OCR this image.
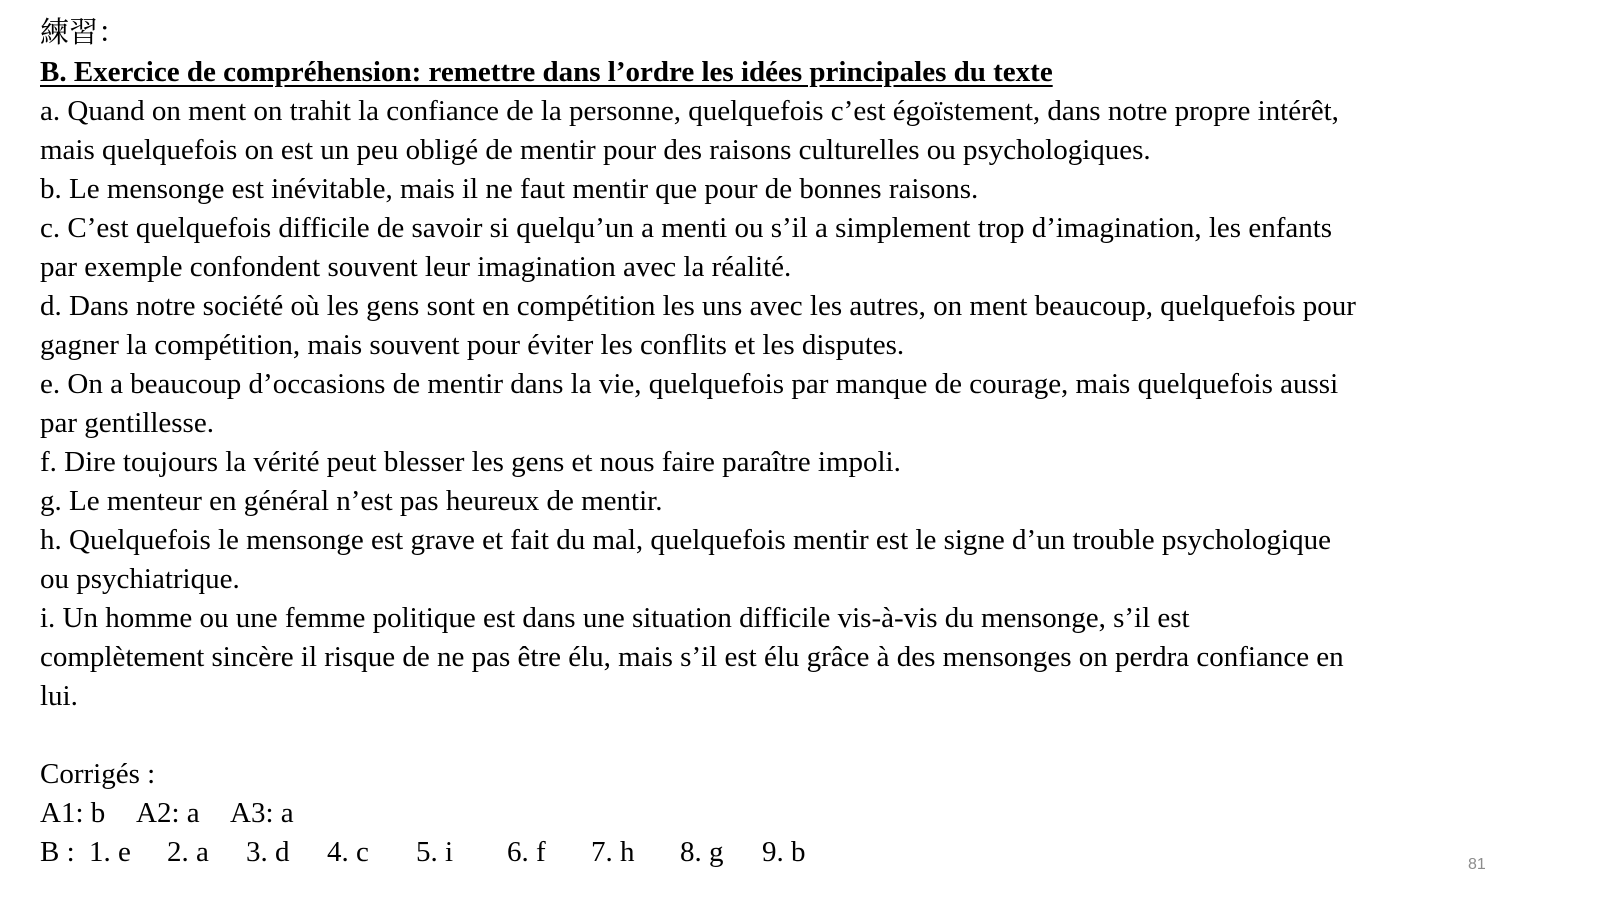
練習：
B. Exercice de compréhension: remettre dans l’ordre les idées principales du texte
a. Quand on ment on trahit la confiance de la personne, quelquefois c’est égoïstement, dans notre propre intérêt,
mais quelquefois on est un peu obligé de mentir pour des raisons culturelles ou psychologiques.
b. Le mensonge est inévitable, mais il ne faut mentir que pour de bonnes raisons.
c. C’est quelquefois difficile de savoir si quelqu’un a menti ou s’il a simplement trop d’imagination, les enfants
par exemple confondent souvent leur imagination avec la réalité.
d. Dans notre société où les gens sont en compétition les uns avec les autres, on ment beaucoup, quelquefois pour
gagner la compétition, mais souvent pour éviter les conflits et les disputes.
e. On a beaucoup d’occasions de mentir dans la vie, quelquefois par manque de courage, mais quelquefois aussi
par gentillesse.
f. Dire toujours la vérité peut blesser les gens et nous faire paraître impoli.
g. Le menteur en général n’est pas heureux de mentir.
h. Quelquefois le mensonge est grave et fait du mal, quelquefois mentir est le signe d’un trouble psychologique
ou psychiatrique.
i. Un homme ou une femme politique est dans une situation difficile vis-à-vis du mensonge, s’il est
complètement sincère il risque de ne pas être élu, mais s’il est élu grâce à des mensonges on perdra confiance en
lui.
Corrigés :
A1: b A2: a A3: a
B : 1. e 2. a 3. d 4. c 5. i 6. f 7. h 8. g 9. b	81
